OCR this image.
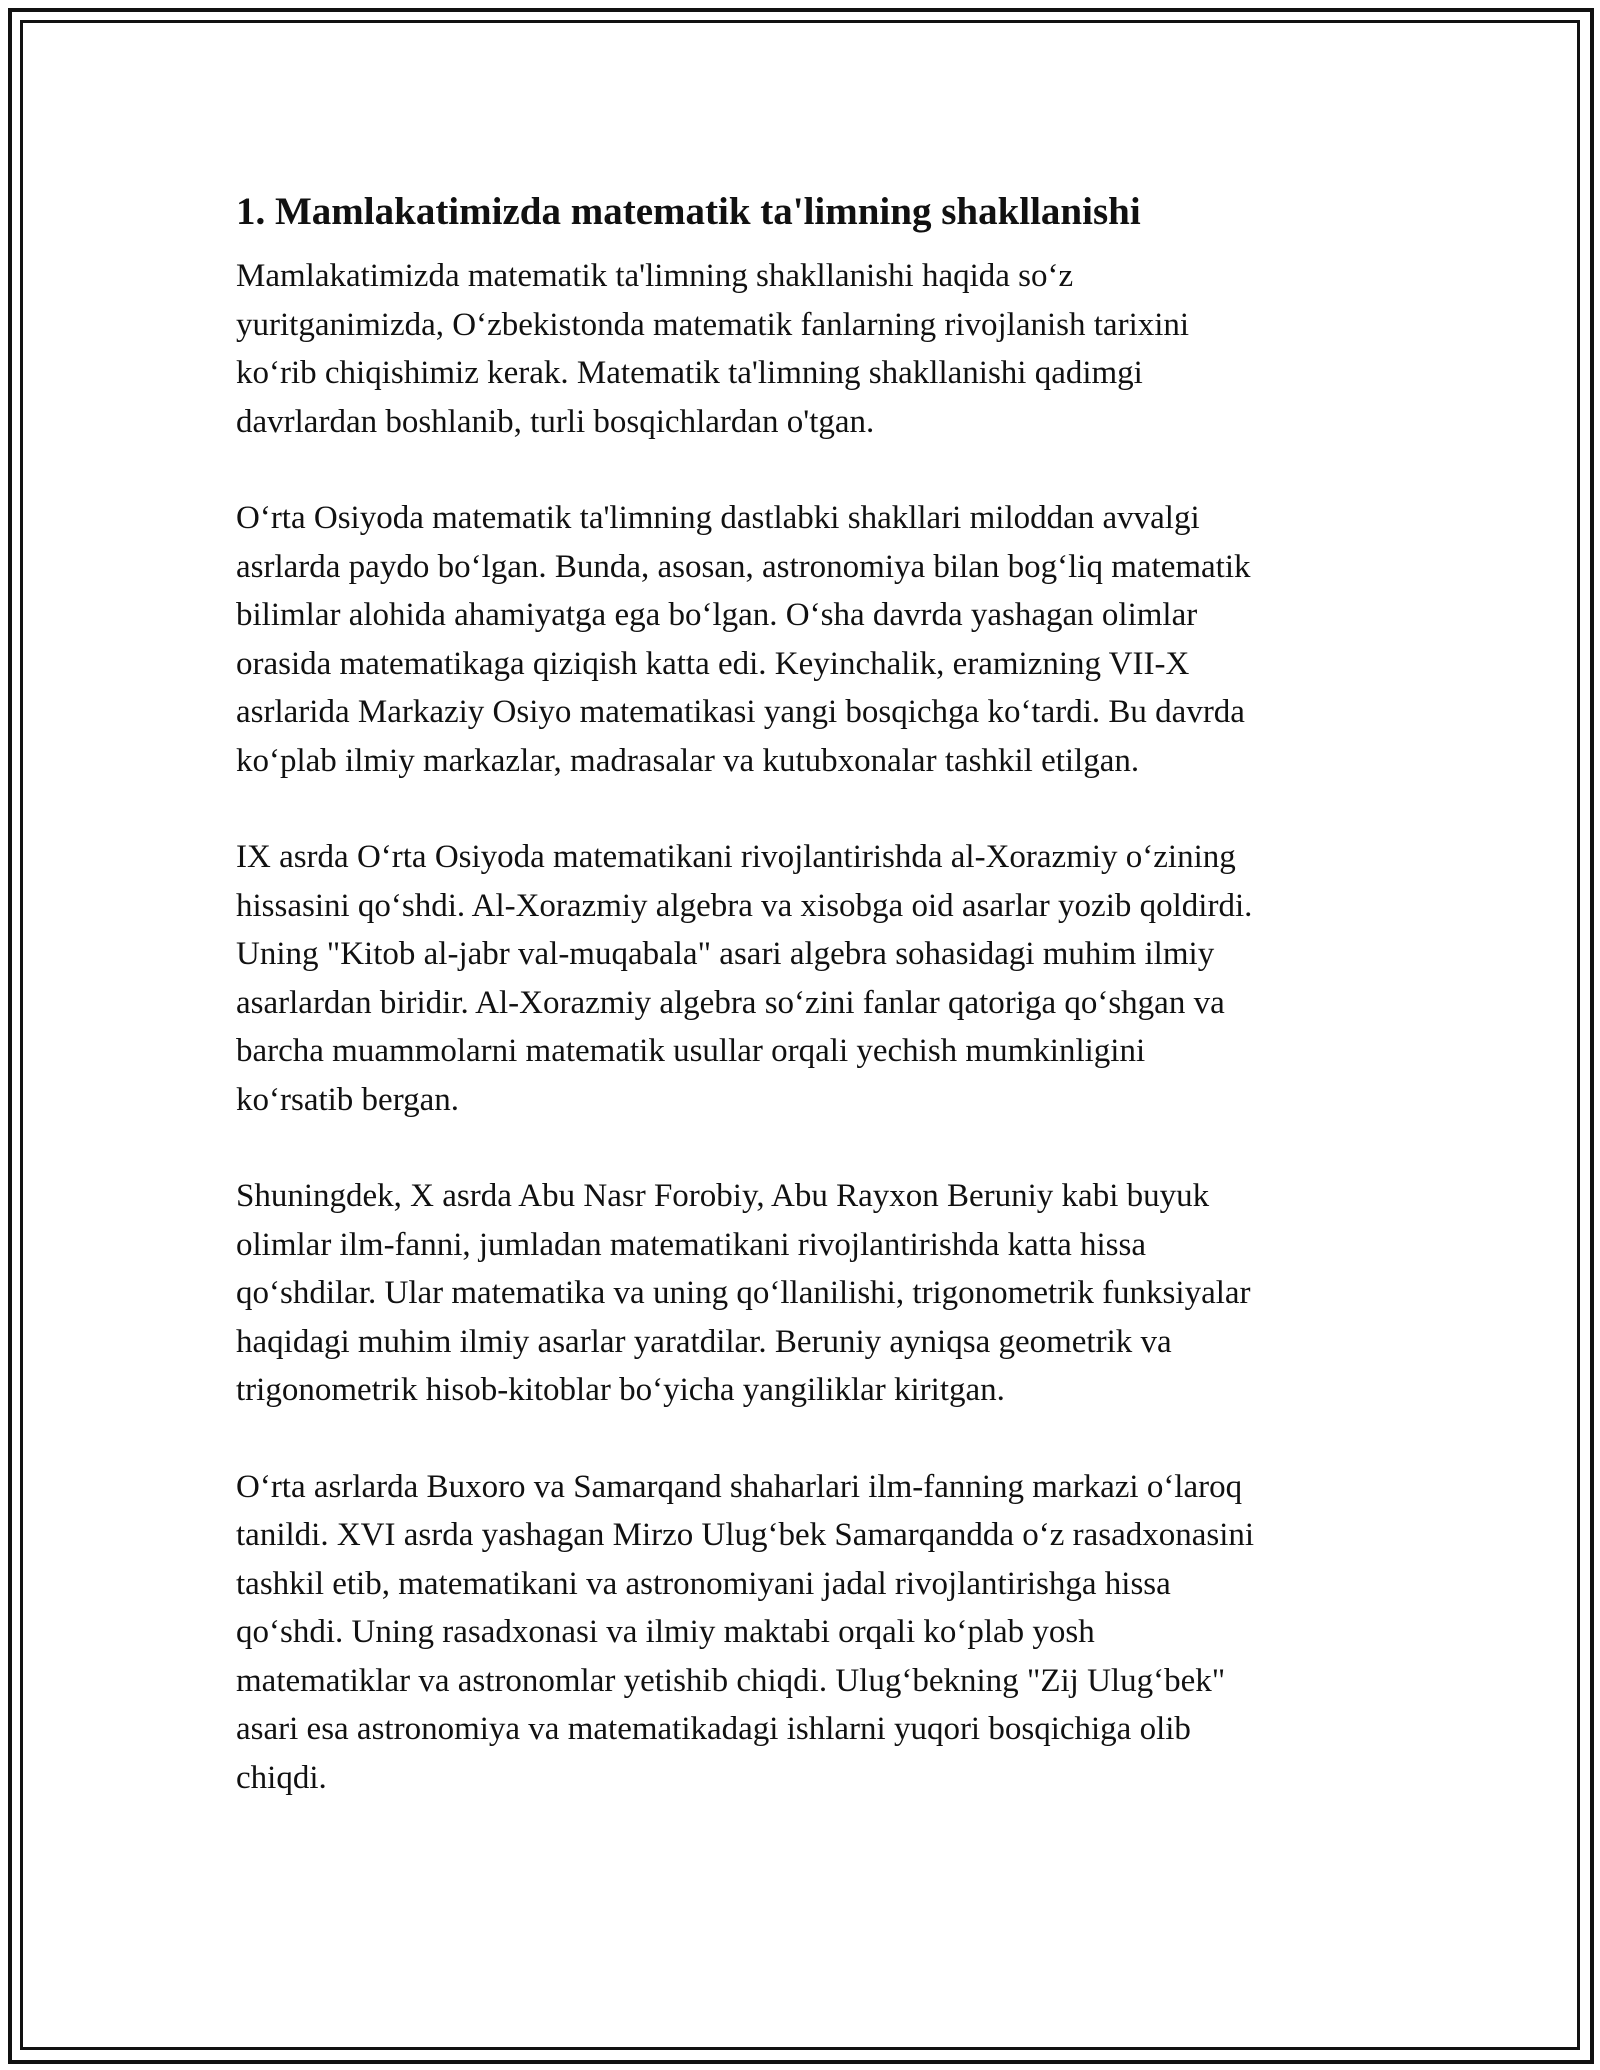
1. Mamlakatimizda matematik ta'limning shakllanishi

Mamlakatimizda matematik ta'limning shakllanishi haqida so‘z
yuritganimizda, O‘zbekistonda matematik fanlarning rivojlanish tarixini
ko‘rib chiqishimiz kerak. Matematik ta'limning shakllanishi qadimgi
davrlardan boshlanib, turli bosqichlardan o'tgan.

O‘rta Osiyoda matematik ta'limning dastlabki shakllari miloddan avvalgi
asrlarda paydo bo‘lgan. Bunda, asosan, astronomiya bilan bog‘liq matematik
bilimlar alohida ahamiyatga ega bo‘lgan. O‘sha davrda yashagan olimlar
orasida matematikaga qiziqish katta edi. Keyinchalik, eramizning VII-X
asrlarida Markaziy Osiyo matematikasi yangi bosqichga ko‘tardi. Bu davrda
ko‘plab ilmiy markazlar, madrasalar va kutubxonalar tashkil etilgan.

IX asrda O‘rta Osiyoda matematikani rivojlantirishda al-Xorazmiy o‘zining
hissasini qo‘shdi. Al-Xorazmiy algebra va xisobga oid asarlar yozib qoldirdi.
Uning "Kitob al-jabr val-muqabala" asari algebra sohasidagi muhim ilmiy
asarlardan biridir. Al-Xorazmiy algebra so‘zini fanlar qatoriga qo‘shgan va
barcha muammolarni matematik usullar orqali yechish mumkinligini
ko‘rsatib bergan.

Shuningdek, X asrda Abu Nasr Forobiy, Abu Rayxon Beruniy kabi buyuk
olimlar ilm-fanni, jumladan matematikani rivojlantirishda katta hissa
qo‘shdilar. Ular matematika va uning qo‘llanilishi, trigonometrik funksiyalar
haqidagi muhim ilmiy asarlar yaratdilar. Beruniy ayniqsa geometrik va
trigonometrik hisob-kitoblar bo‘yicha yangiliklar kiritgan.

O‘rta asrlarda Buxoro va Samarqand shaharlari ilm-fanning markazi o‘laroq
tanildi. XVI asrda yashagan Mirzo Ulug‘bek Samarqandda o‘z rasadxonasini
tashkil etib, matematikani va astronomiyani jadal rivojlantirishga hissa
qo‘shdi. Uning rasadxonasi va ilmiy maktabi orqali ko‘plab yosh
matematiklar va astronomlar yetishib chiqdi. Ulug‘bekning "Zij Ulug‘bek"
asari esa astronomiya va matematikadagi ishlarni yuqori bosqichiga olib
chiqdi.
